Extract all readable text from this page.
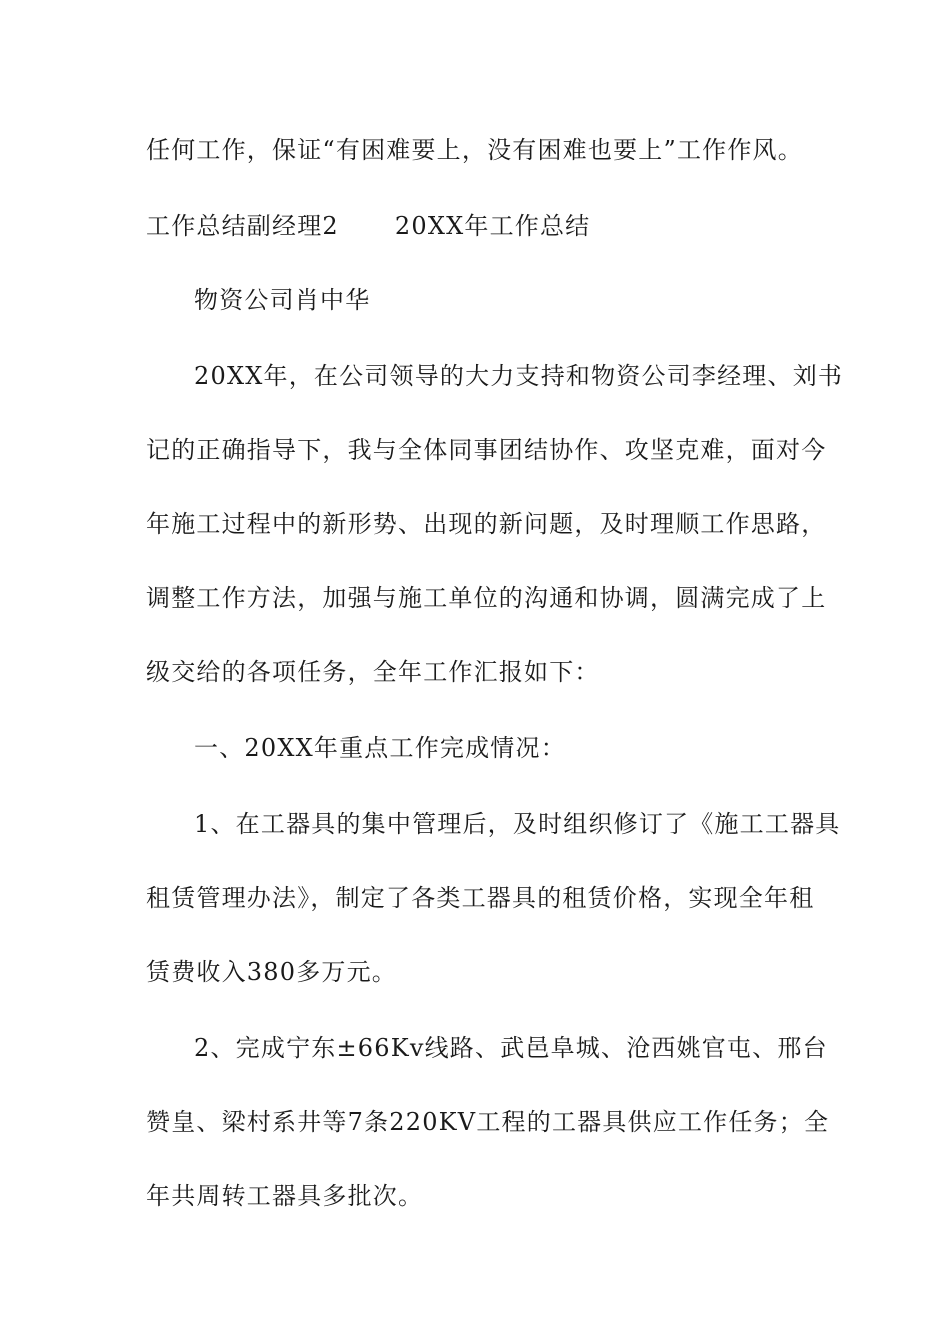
任何工作，保证“有困难要上，没有困难也要上”工作作风。
工作总结副经理2 20XX年工作总结
物资公司肖中华
20XX年，在公司领导的大力支持和物资公司李经理、刘书
记的正确指导下，我与全体同事团结协作、攻坚克难，面对今
年施工过程中的新形势、出现的新问题，及时理顺工作思路，
调整工作方法，加强与施工单位的沟通和协调，圆满完成了上
级交给的各项任务，全年工作汇报如下：
一、20XX年重点工作完成情况：
1、在工器具的集中管理后，及时组织修订了《施工工器具
租赁管理办法》，制定了各类工器具的租赁价格，实现全年租
赁费收入380多万元。
2、完成宁东±66Kv线路、武邑阜城、沧西姚官屯、邢台
赞皇、梁村系井等7条220KV工程的工器具供应工作任务；全
年共周转工器具多批次。
